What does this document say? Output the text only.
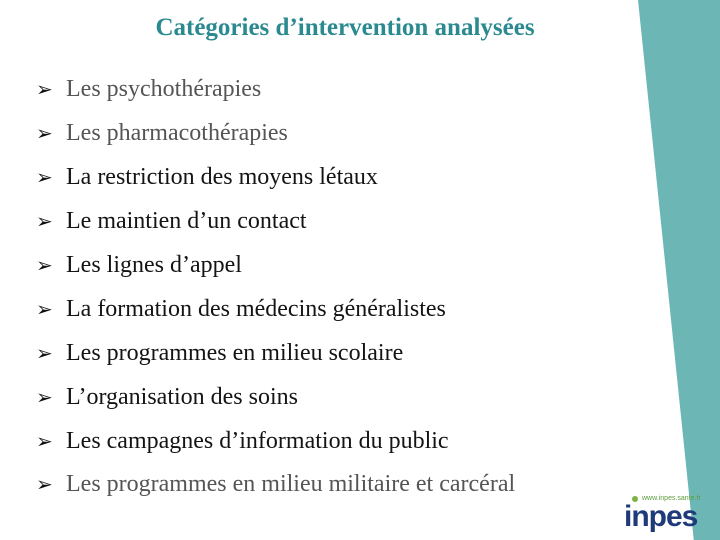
Catégories d’intervention analysées
➢ Les psychothérapies
➢ Les pharmacothérapies
➢ La restriction des moyens létaux
➢ Le maintien d’un contact
➢ Les lignes d’appel
➢ La formation des médecins généralistes
➢ Les programmes en milieu scolaire
➢ L’organisation des soins
➢ Les campagnes d’information du public
➢ Les programmes en milieu militaire et carcéral
www.inpes.sante.fr
inpes
